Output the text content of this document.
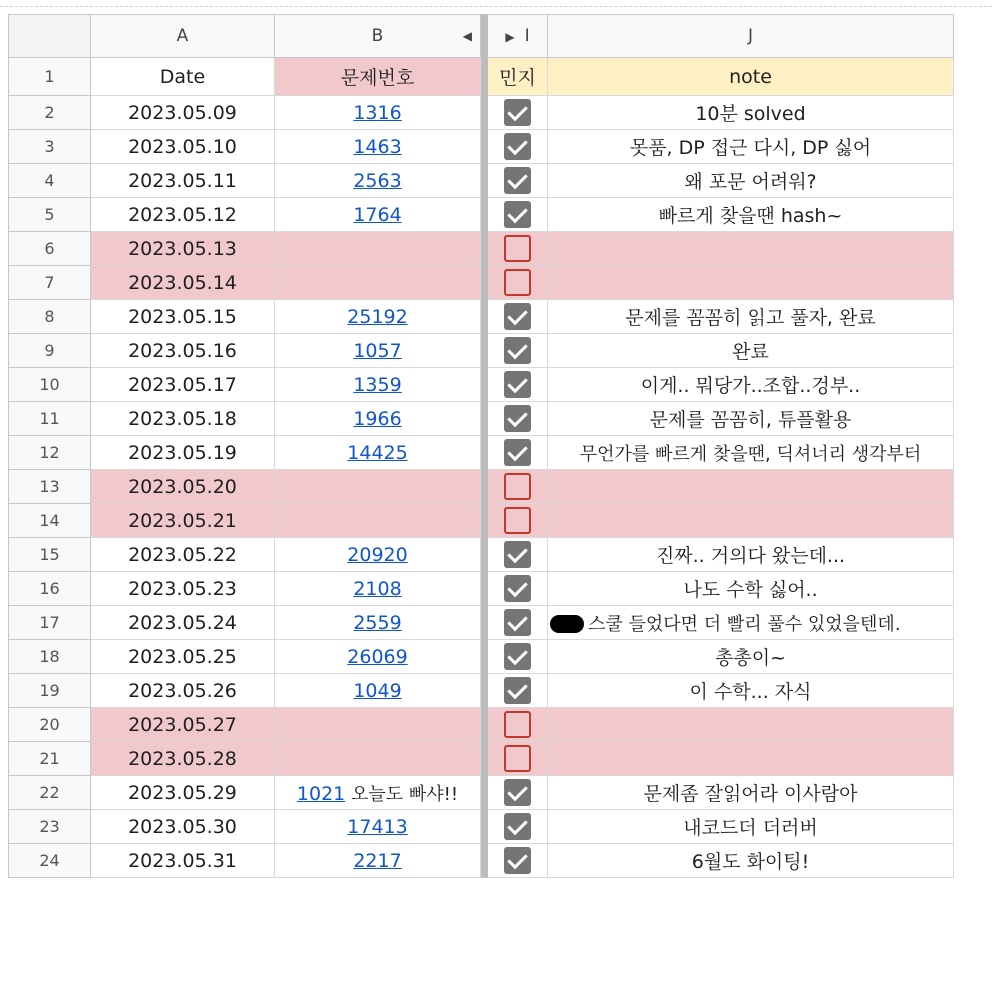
	A	B ◀		▶ I	J
1	Date	문제번호		민지	note
2	2023.05.09	1316			10분 solved
3	2023.05.10	1463			못품, DP 접근 다시, DP 싫어
4	2023.05.11	2563			왜 포문 어려워?
5	2023.05.12	1764			빠르게 찾을땐 hash~
6	2023.05.13				
7	2023.05.14				
8	2023.05.15	25192			문제를 꼼꼼히 읽고 풀자, 완료
9	2023.05.16	1057			완료
10	2023.05.17	1359			이게.. 뭐당가..조합..겅부..
11	2023.05.18	1966			문제를 꼼꼼히, 튜플활용
12	2023.05.19	14425			무언가를 빠르게 찾을땐, 딕셔너리 생각부터
13	2023.05.20				
14	2023.05.21				
15	2023.05.22	20920			진짜.. 거의다 왔는데...
16	2023.05.23	2108			나도 수학 싫어..
17	2023.05.24	2559			스쿨 들었다면 더 빨리 풀수 있었을텐데.
18	2023.05.25	26069			총총이~
19	2023.05.26	1049			이 수학... 자식
20	2023.05.27				
21	2023.05.28				
22	2023.05.29	1021 오늘도 빠샤!!			문제좀 잘읽어라 이사람아
23	2023.05.30	17413			내코드더 더러버
24	2023.05.31	2217			6월도 화이팅!
